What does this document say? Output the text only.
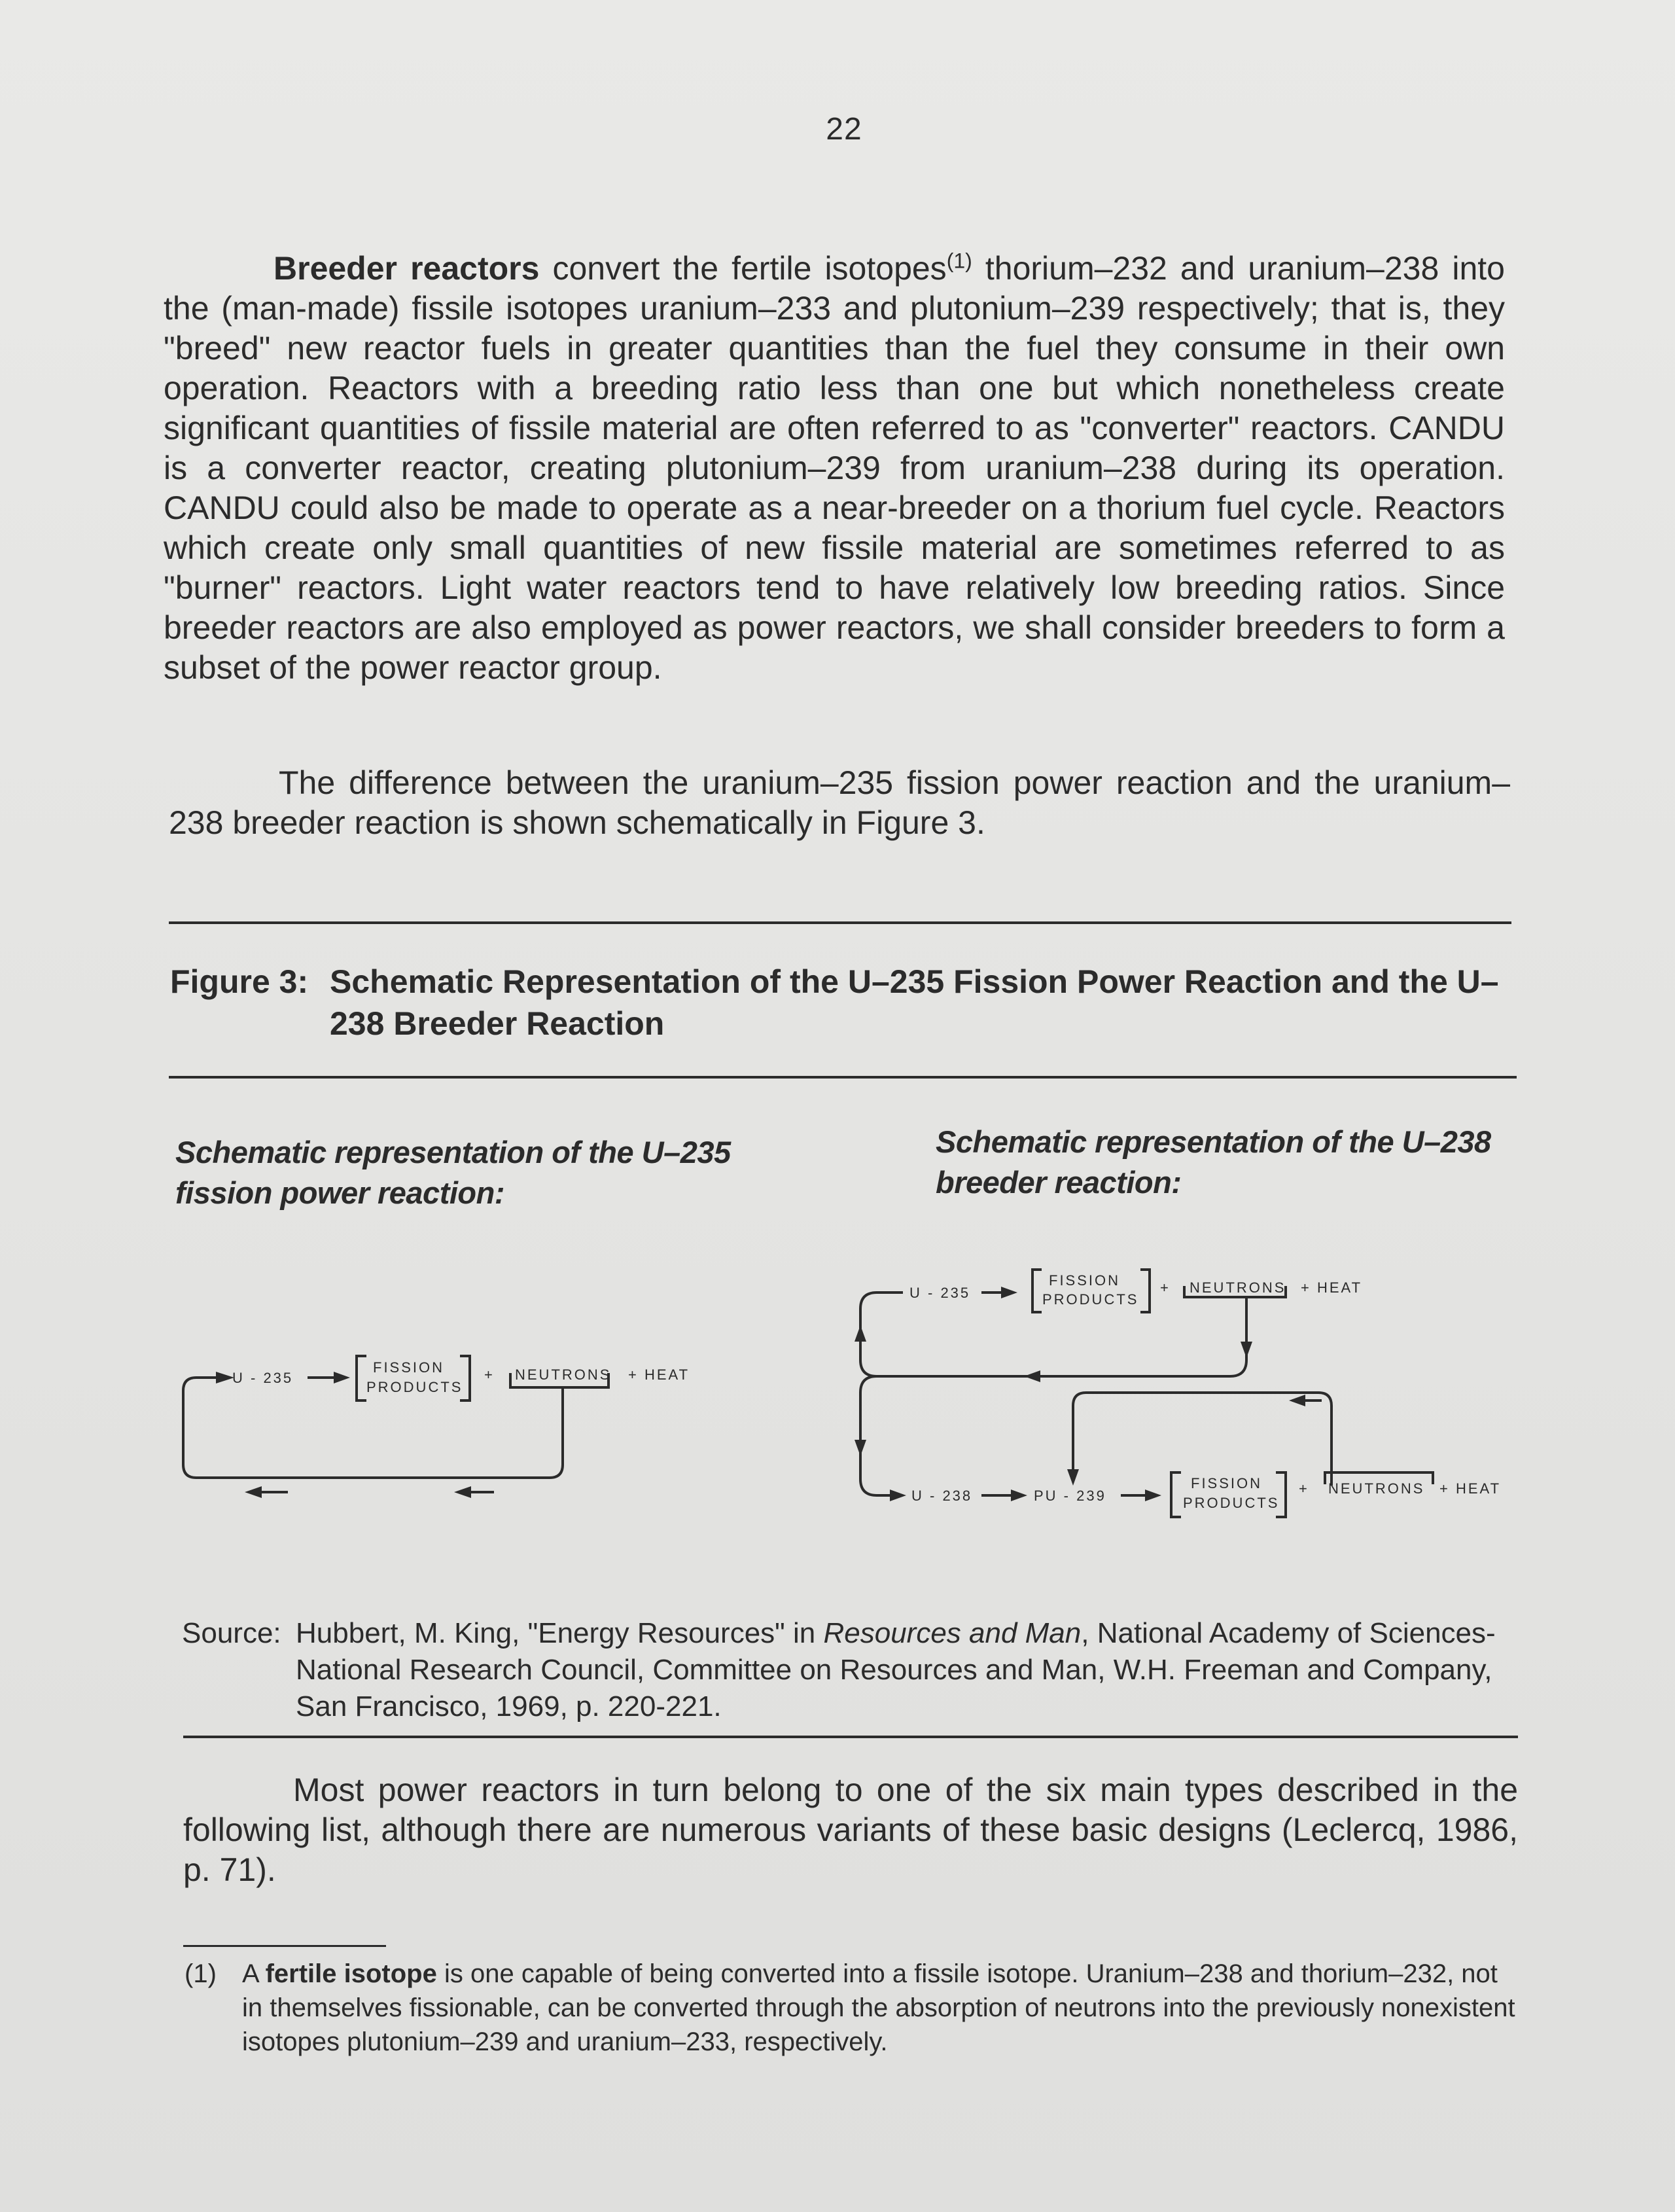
22

Breeder reactors convert the fertile isotopes$^{(1)}$ thorium–232 and uranium–238 into the (man-made) fissile isotopes uranium–233 and plutonium–239 respectively; that is, they "breed" new reactor fuels in greater quantities than the fuel they consume in their own operation. Reactors with a breeding ratio less than one but which nonetheless create significant quantities of fissile material are often referred to as "converter" reactors. CANDU is a converter reactor, creating plutonium–239 from uranium–238 during its operation. CANDU could also be made to operate as a near-breeder on a thorium fuel cycle. Reactors which create only small quantities of new fissile material are sometimes referred to as "burner" reactors. Light water reactors tend to have relatively low breeding ratios. Since breeder reactors are also employed as power reactors, we shall consider breeders to form a subset of the power reactor group.

The difference between the uranium–235 fission power reaction and the uranium–238 breeder reaction is shown schematically in Figure 3.

Figure 3: Schematic Representation of the U–235 Fission Power Reaction and the U–238 Breeder Reaction
Schematic representation of the U–235 fission power reaction:
Schematic representation of the U–238 breeder reaction:
U - 235
FISSION
PRODUCTS
+ NEUTRONS + HEAT
U - 235
FISSION
PRODUCTS
+ NEUTRONS + HEAT
U - 238	PU - 239
FISSION
PRODUCTS
+ NEUTRONS + HEAT
Source: Hubbert, M. King, "Energy Resources" in Resources and Man, National Academy of Sciences-National Research Council, Committee on Resources and Man, W.H. Freeman and Company, San Francisco, 1969, p. 220-221.

Most power reactors in turn belong to one of the six main types described in the following list, although there are numerous variants of these basic designs (Leclercq, 1986, p. 71).

(1) A fertile isotope is one capable of being converted into a fissile isotope. Uranium–238 and thorium–232, not in themselves fissionable, can be converted through the absorption of neutrons into the previously nonexistent isotopes plutonium–239 and uranium–233, respectively.
